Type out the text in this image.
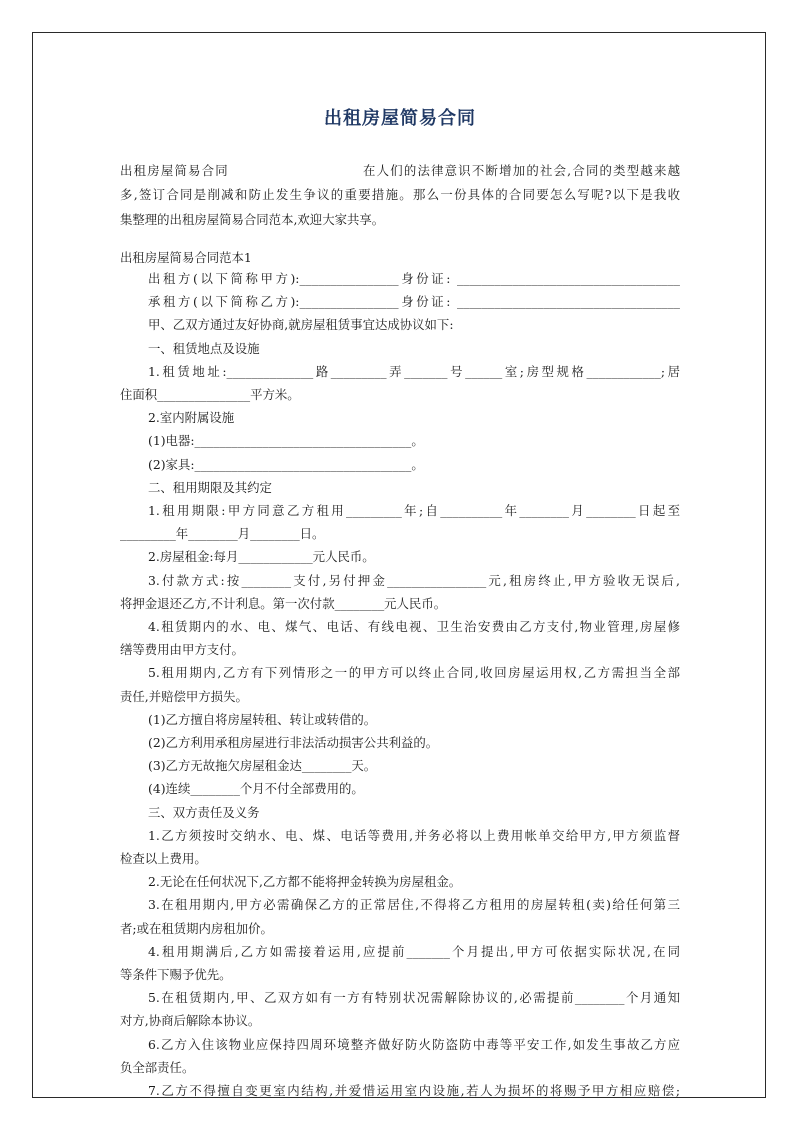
出租房屋简易合同
出租房屋简易合同                          在人们的法律意识不断增加的社会,合同的类型越来越
多,签订合同是削减和防止发生争议的重要措施。那么一份具体的合同要怎么写呢?以下是我收
集整理的出租房屋简易合同范本,欢迎大家共享。
出租房屋简易合同范本1
出租方(以下简称甲方):________________身份证: ____________________________________
承租方(以下简称乙方):________________身份证: ____________________________________
甲、乙双方通过友好协商,就房屋租赁事宜达成协议如下:
一、租赁地点及设施
1.租赁地址:______________路_________弄_______号______室;房型规格____________;居
住面积_______________平方米。
2.室内附属设施
(1)电器:___________________________________。
(2)家具:___________________________________。
二、租用期限及其约定
1.租用期限:甲方同意乙方租用_________年;自__________年________月________日起至
_________年________月________日。
2.房屋租金:每月____________元人民币。
3.付款方式:按________支付,另付押金________________元,租房终止,甲方验收无误后,
将押金退还乙方,不计利息。第一次付款________元人民币。
4.租赁期内的水、电、煤气、电话、有线电视、卫生治安费由乙方支付,物业管理,房屋修
缮等费用由甲方支付。
5.租用期内,乙方有下列情形之一的甲方可以终止合同,收回房屋运用权,乙方需担当全部
责任,并赔偿甲方损失。
(1)乙方擅自将房屋转租、转让或转借的。
(2)乙方利用承租房屋进行非法活动损害公共利益的。
(3)乙方无故拖欠房屋租金达________天。
(4)连续________个月不付全部费用的。
三、双方责任及义务
1.乙方须按时交纳水、电、煤、电话等费用,并务必将以上费用帐单交给甲方,甲方须监督
检查以上费用。
2.无论在任何状况下,乙方都不能将押金转换为房屋租金。
3.在租用期内,甲方必需确保乙方的正常居住,不得将乙方租用的房屋转租(卖)给任何第三
者;或在租赁期内房租加价。
4.租用期满后,乙方如需接着运用,应提前_______个月提出,甲方可依据实际状况,在同
等条件下赐予优先。
5.在租赁期内,甲、乙双方如有一方有特别状况需解除协议的,必需提前________个月通知
对方,协商后解除本协议。
6.乙方入住该物业应保持四周环境整齐做好防火防盗防中毒等平安工作,如发生事故乙方应
负全部责任。
7.乙方不得擅自变更室内结构,并爱惜运用室内设施,若人为损坏的将赐予甲方相应赔偿;
